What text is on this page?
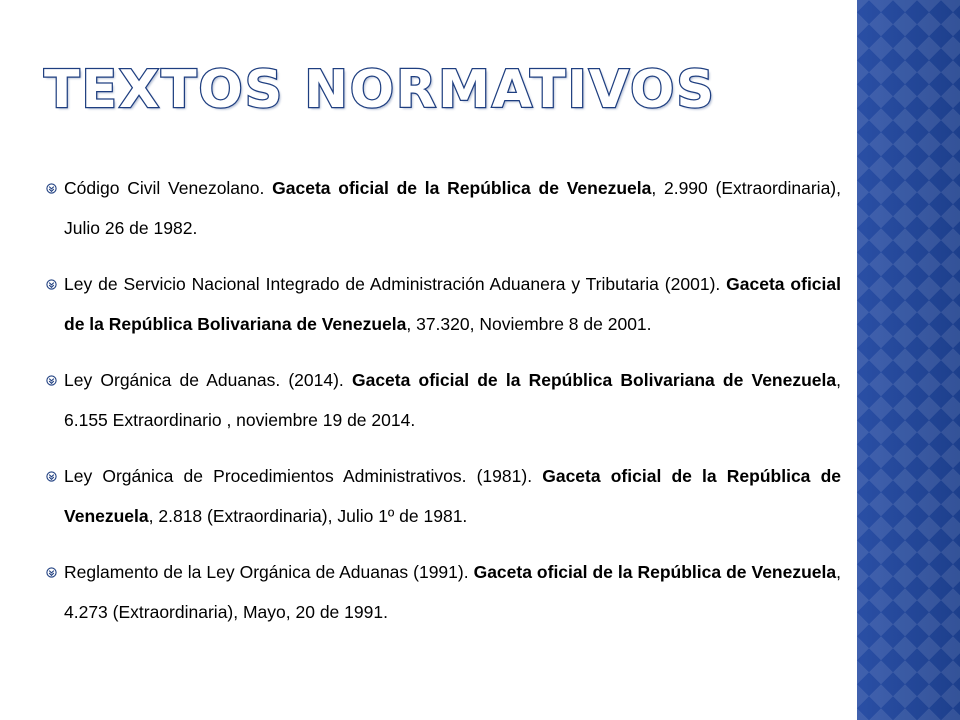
TEXTOS NORMATIVOS
Código Civil Venezolano. Gaceta oficial de la República de Venezuela, 2.990 (Extraordinaria), Julio 26 de 1982.
Ley de Servicio Nacional Integrado de Administración Aduanera y Tributaria (2001). Gaceta oficial de la República Bolivariana de Venezuela, 37.320, Noviembre 8 de 2001.
Ley Orgánica de Aduanas. (2014). Gaceta oficial de la República Bolivariana de Venezuela, 6.155 Extraordinario , noviembre 19 de 2014.
Ley Orgánica de Procedimientos Administrativos. (1981). Gaceta oficial de la República de Venezuela, 2.818 (Extraordinaria), Julio 1º de 1981.
Reglamento de la Ley Orgánica de Aduanas (1991). Gaceta oficial de la República de Venezuela, 4.273 (Extraordinaria), Mayo, 20 de 1991.
